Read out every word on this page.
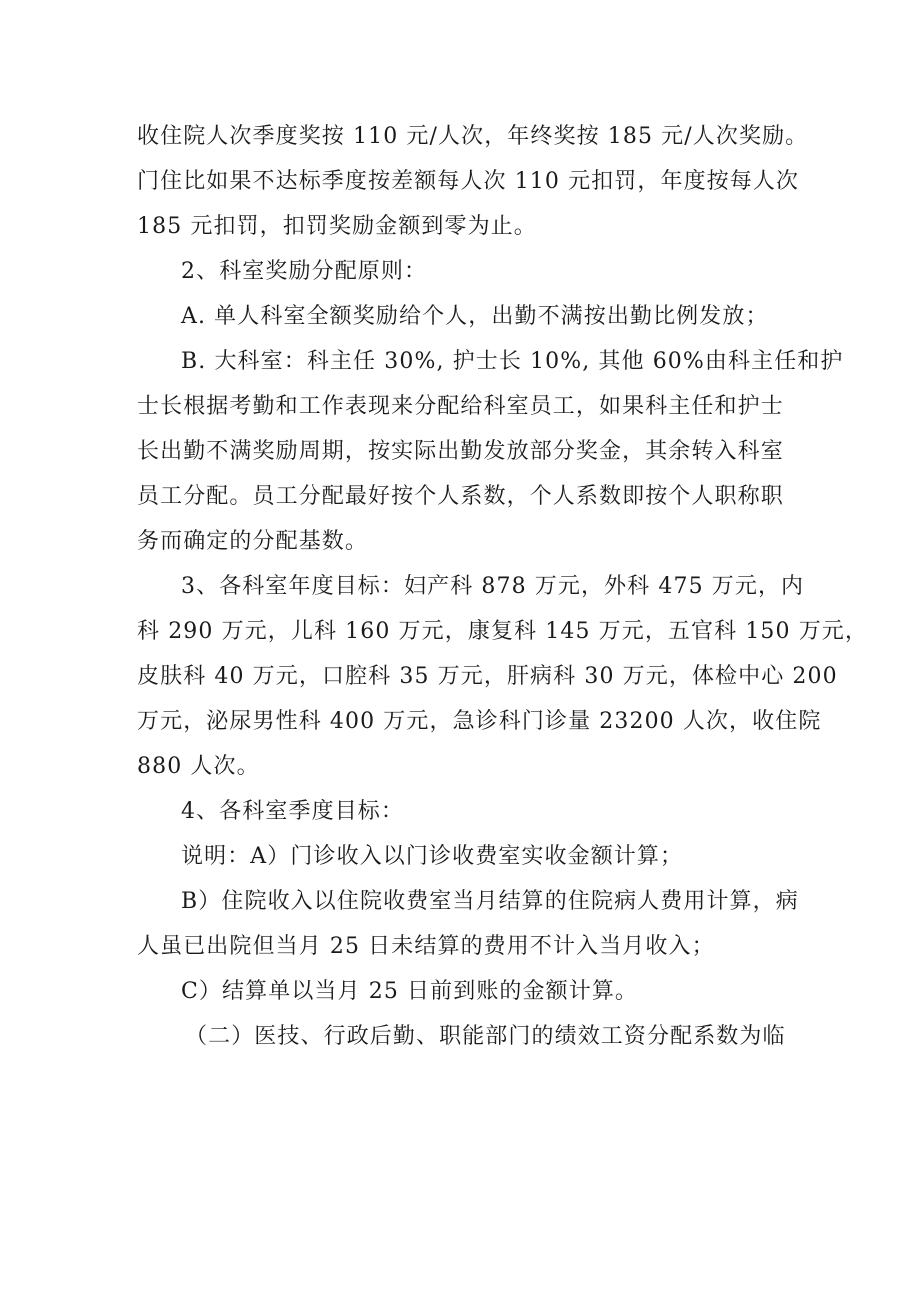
收住院人次季度奖按 110 元/人次，年终奖按 185 元/人次奖励。
门住比如果不达标季度按差额每人次 110 元扣罚，年度按每人次
185 元扣罚，扣罚奖励金额到零为止。
2、科室奖励分配原则：
A. 单人科室全额奖励给个人，出勤不满按出勤比例发放；
B. 大科室：科主任 30%, 护士长 10%, 其他 60%由科主任和护
士长根据考勤和工作表现来分配给科室员工，如果科主任和护士
长出勤不满奖励周期，按实际出勤发放部分奖金，其余转入科室
员工分配。员工分配最好按个人系数，个人系数即按个人职称职
务而确定的分配基数。
3、各科室年度目标：妇产科 878 万元，外科 475 万元，内
科 290 万元，儿科 160 万元，康复科 145 万元，五官科 150 万元，
皮肤科 40 万元，口腔科 35 万元，肝病科 30 万元，体检中心 200
万元，泌尿男性科 400 万元，急诊科门诊量 23200 人次，收住院
880 人次。
4、各科室季度目标：
说明：A）门诊收入以门诊收费室实收金额计算；
B）住院收入以住院收费室当月结算的住院病人费用计算，病
人虽已出院但当月 25 日未结算的费用不计入当月收入；
C）结算单以当月 25 日前到账的金额计算。
（二）医技、行政后勤、职能部门的绩效工资分配系数为临
